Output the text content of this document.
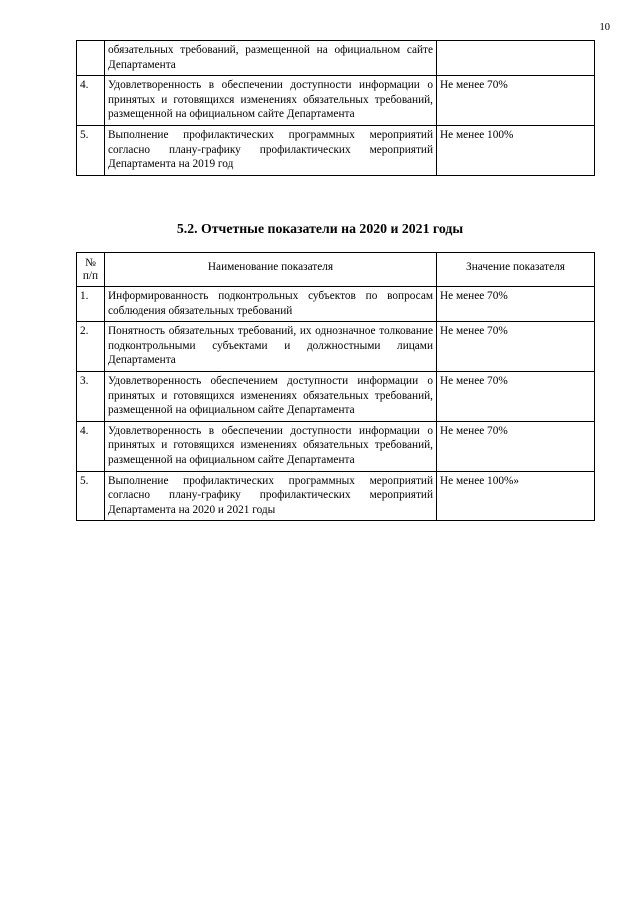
10
	обязательных требований, размещенной на официальном сайте Департамента	
4.	Удовлетворенность в обеспечении доступности информации о принятых и готовящихся изменениях обязательных требований, размещенной на официальном сайте Департамента	Не менее 70%
5.	Выполнение профилактических программных мероприятий согласно плану-графику профилактических мероприятий Департамента на 2019 год	Не менее 100%
5.2. Отчетные показатели на 2020 и 2021 годы
№
п/п	Наименование показателя	Значение показателя
1.	Информированность подконтрольных субъектов по вопросам соблюдения обязательных требований	Не менее 70%
2.	Понятность обязательных требований, их однозначное толкование подконтрольными субъектами и должностными лицами Департамента	Не менее 70%
3.	Удовлетворенность обеспечением доступности информации о принятых и готовящихся изменениях обязательных требований, размещенной на официальном сайте Департамента	Не менее 70%
4.	Удовлетворенность в обеспечении доступности информации о принятых и готовящихся изменениях обязательных требований, размещенной на официальном сайте Департамента	Не менее 70%
5.	Выполнение профилактических программных мероприятий согласно плану-графику профилактических мероприятий Департамента на 2020 и 2021 годы	Не менее 100%»
